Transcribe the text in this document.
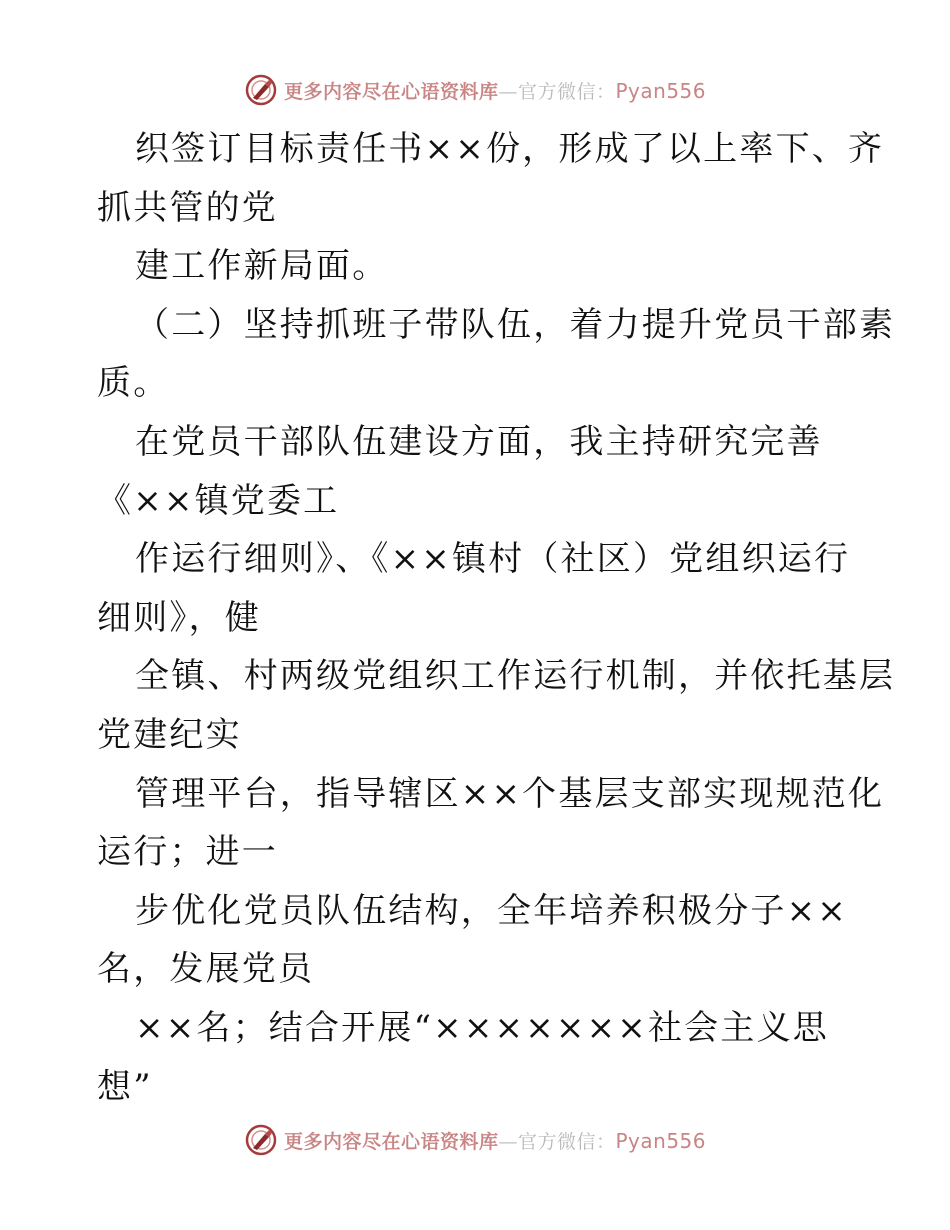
更多内容尽在心语资料库—官方微信：Pyan556
织签订目标责任书××份，形成了以上率下、齐
抓共管的党
建工作新局面。
（二）坚持抓班子带队伍，着力提升党员干部素
质。
在党员干部队伍建设方面，我主持研究完善
《××镇党委工
作运行细则》、《××镇村（社区）党组织运行
细则》，健
全镇、村两级党组织工作运行机制，并依托基层
党建纪实
管理平台，指导辖区××个基层支部实现规范化
运行；进一
步优化党员队伍结构，全年培养积极分子××
名，发展党员
××名；结合开展“×××××××社会主义思
想”
更多内容尽在心语资料库—官方微信：Pyan556
